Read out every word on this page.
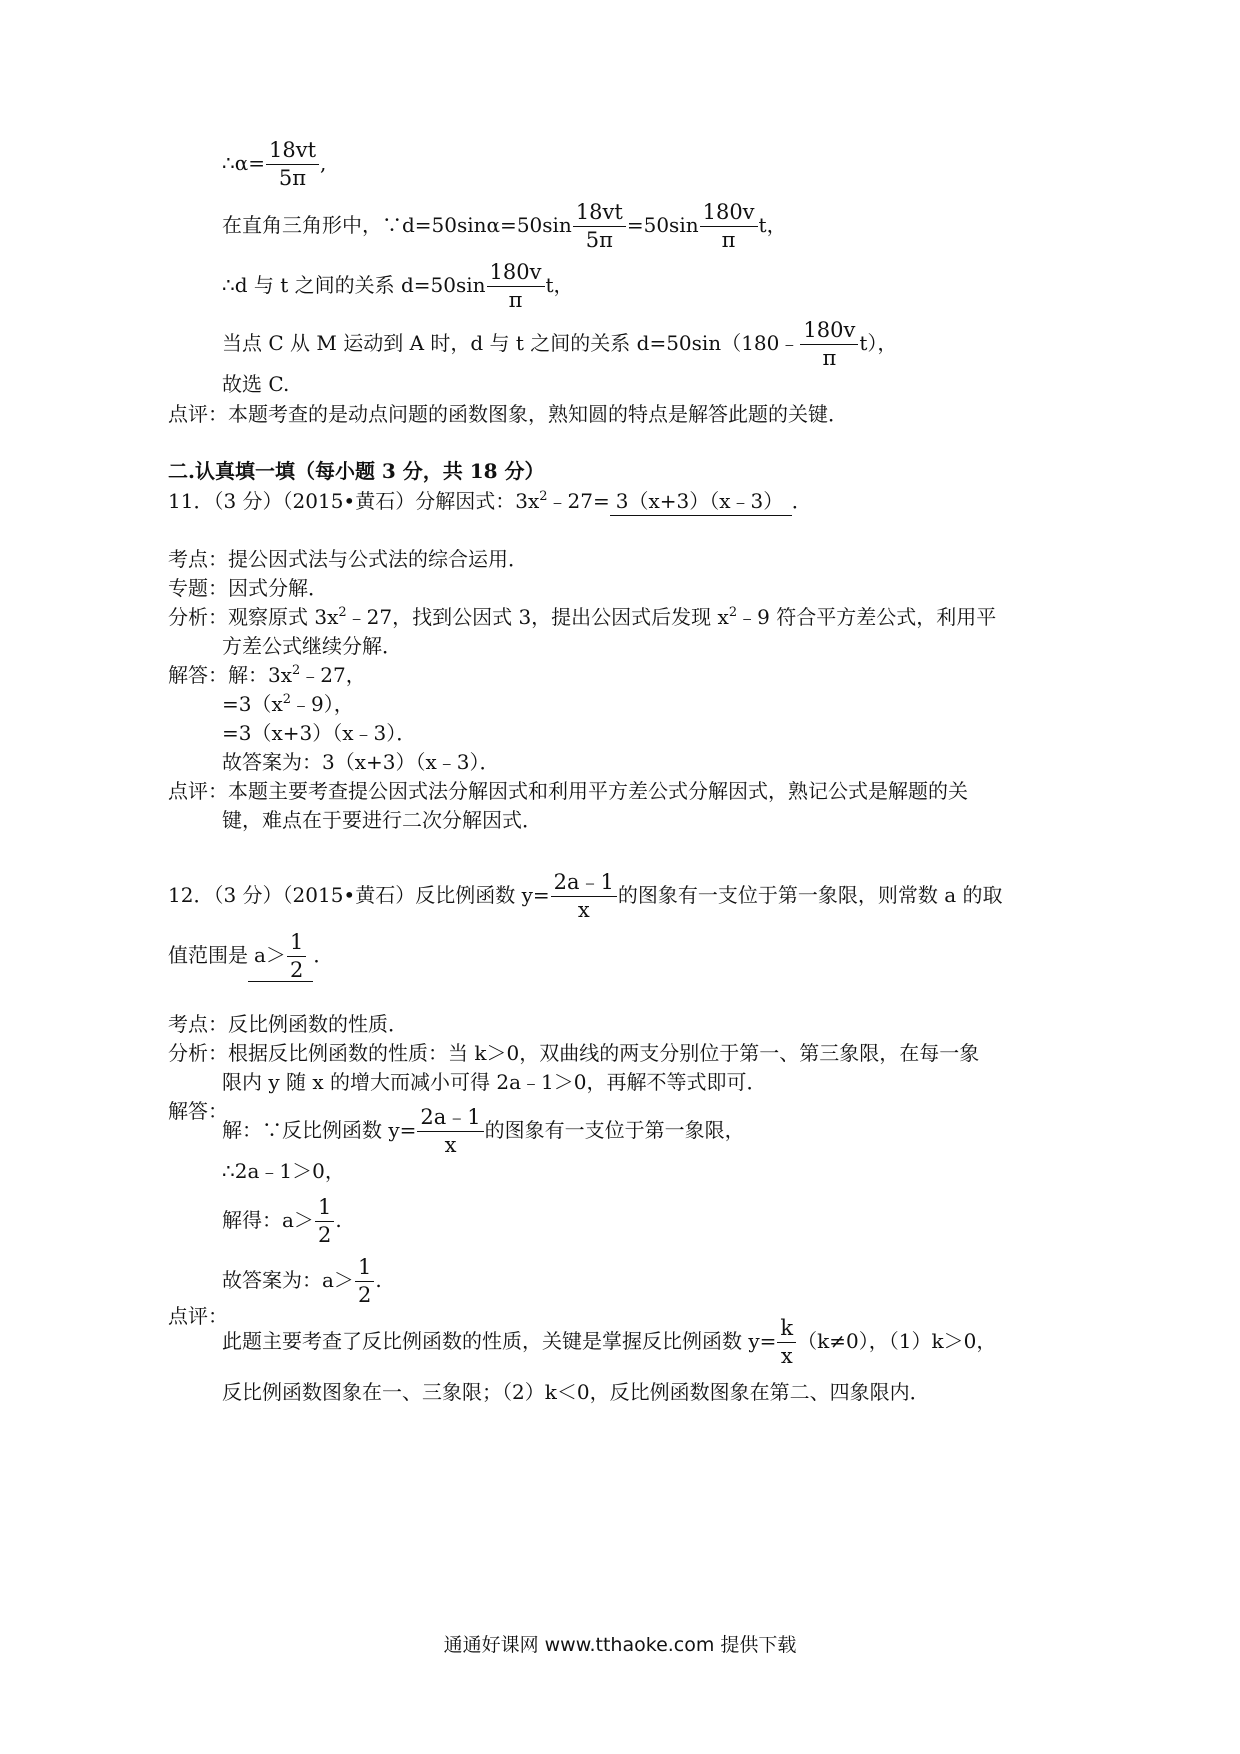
∴α= $\frac{18vt}{5\pi}$ ,
在直角三角形中，∵d=50sinα=50sin $\frac{18vt}{5\pi} =50\sin \frac{180v}{\pi}$ t，
∴d 与 t 之间的关系 $d=50\sin \frac{180v}{\pi}$ t，
当点 C 从 M 运动到 A 时，d 与 t 之间的关系 d=50sin（180﹣ $\frac{180v}{\pi} t$），
故选 C.
点评：本题考查的是动点问题的函数图象，熟知圆的特点是解答此题的关键．
二.认真填一填（每小题 3 分，共 18 分）
11．（3 分）（2015•黄石）分解因式：$3x^2﹣27=$ 3（x+3）（x﹣3） ．
考点：提公因式法与公式法的综合运用．
专题：因式分解．
分析：观察原式 $3x^2﹣27$，找到公因式 3，提出公因式后发现 $x^2﹣9$ 符合平方差公式，利用平
方差公式继续分解．
解答：解：$3x^2﹣27$，
$=3(x^2﹣9)$，
=3（x+3）（x﹣3）．
故答案为：3（x+3）（x﹣3）．
点评：本题主要考查提公因式法分解因式和利用平方差公式分解因式，熟记公式是解题的关
键，难点在于要进行二次分解因式．
12．（3 分）（2015•黄石）反比例函数 $y= \frac{2a﹣1}{x}$ 的图象有一支位于第一象限，则常数 a 的取
值范围是 $a> \frac{1}{2}$ ．
考点：反比例函数的性质．
分析：根据反比例函数的性质：当 k＞0，双曲线的两支分别位于第一、第三象限，在每一象
限内 y 随 x 的增大而减小可得 2a﹣1＞0，再解不等式即可．
解答：
解：∵反比例函数 $y= \frac{2a﹣1}{x}$ 的图象有一支位于第一象限，
∴2a﹣1＞0，
解得：$a> \frac{1}{2}$ .
故答案为：$a> \frac{1}{2}$ .
点评：
此题主要考查了反比例函数的性质，关键是掌握反比例函数 $y= \frac{k}{x} (k\ne 0)$，（1）k＞0，
反比例函数图象在一、三象限；（2）k＜0，反比例函数图象在第二、四象限内．
通通好课网 www.tthaoke.com 提供下载
